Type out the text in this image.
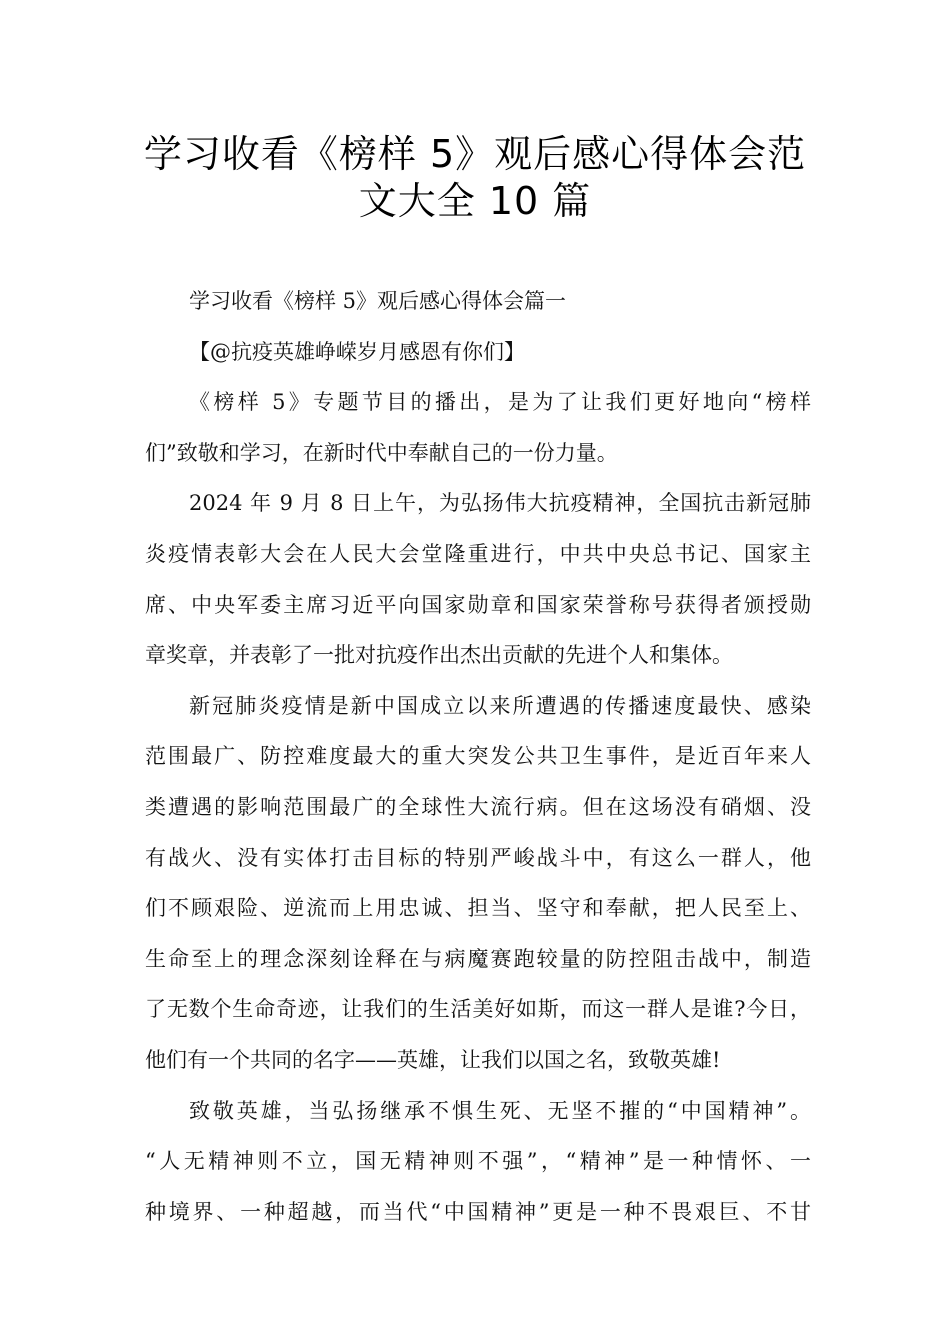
学习收看《榜样 5》观后感心得体会范
文大全 10 篇
学习收看《榜样 5》观后感心得体会篇一
【@抗疫英雄峥嵘岁月感恩有你们】
《榜样 5》专题节目的播出，是为了让我们更好地向“榜样
们”致敬和学习，在新时代中奉献自己的一份力量。
2024 年 9 月 8 日上午，为弘扬伟大抗疫精神，全国抗击新冠肺
炎疫情表彰大会在人民大会堂隆重进行，中共中央总书记、国家主
席、中央军委主席习近平向国家勋章和国家荣誉称号获得者颁授勋
章奖章，并表彰了一批对抗疫作出杰出贡献的先进个人和集体。
新冠肺炎疫情是新中国成立以来所遭遇的传播速度最快、感染
范围最广、防控难度最大的重大突发公共卫生事件，是近百年来人
类遭遇的影响范围最广的全球性大流行病。但在这场没有硝烟、没
有战火、没有实体打击目标的特别严峻战斗中，有这么一群人，他
们不顾艰险、逆流而上用忠诚、担当、坚守和奉献，把人民至上、
生命至上的理念深刻诠释在与病魔赛跑较量的防控阻击战中，制造
了无数个生命奇迹，让我们的生活美好如斯，而这一群人是谁?今日，
他们有一个共同的名字——英雄，让我们以国之名，致敬英雄!
致敬英雄，当弘扬继承不惧生死、无坚不摧的“中国精神”。
“人无精神则不立，国无精神则不强”，“精神”是一种情怀、一
种境界、一种超越，而当代“中国精神”更是一种不畏艰巨、不甘
